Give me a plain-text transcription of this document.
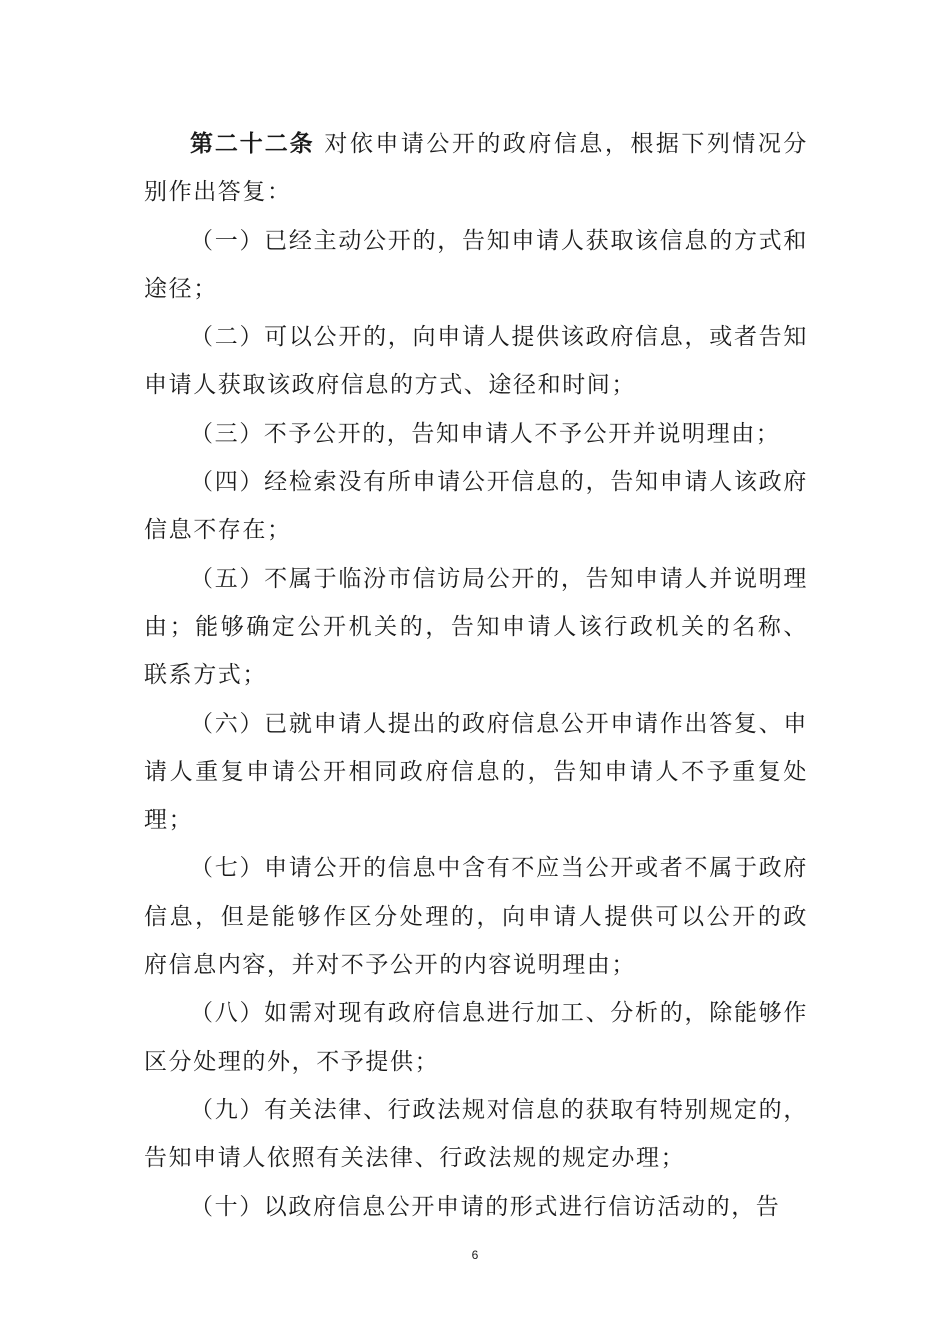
第二十二条 对依申请公开的政府信息，根据下列情况分别作出答复：

（一）已经主动公开的，告知申请人获取该信息的方式和途径；

（二）可以公开的，向申请人提供该政府信息，或者告知申请人获取该政府信息的方式、途径和时间；

（三）不予公开的，告知申请人不予公开并说明理由；

（四）经检索没有所申请公开信息的，告知申请人该政府信息不存在；

（五）不属于临汾市信访局公开的，告知申请人并说明理由；能够确定公开机关的，告知申请人该行政机关的名称、联系方式；

（六）已就申请人提出的政府信息公开申请作出答复、申请人重复申请公开相同政府信息的，告知申请人不予重复处理；

（七）申请公开的信息中含有不应当公开或者不属于政府信息，但是能够作区分处理的，向申请人提供可以公开的政府信息内容，并对不予公开的内容说明理由；

（八）如需对现有政府信息进行加工、分析的，除能够作区分处理的外，不予提供；

（九）有关法律、行政法规对信息的获取有特别规定的，告知申请人依照有关法律、行政法规的规定办理；

（十）以政府信息公开申请的形式进行信访活动的，告

6
